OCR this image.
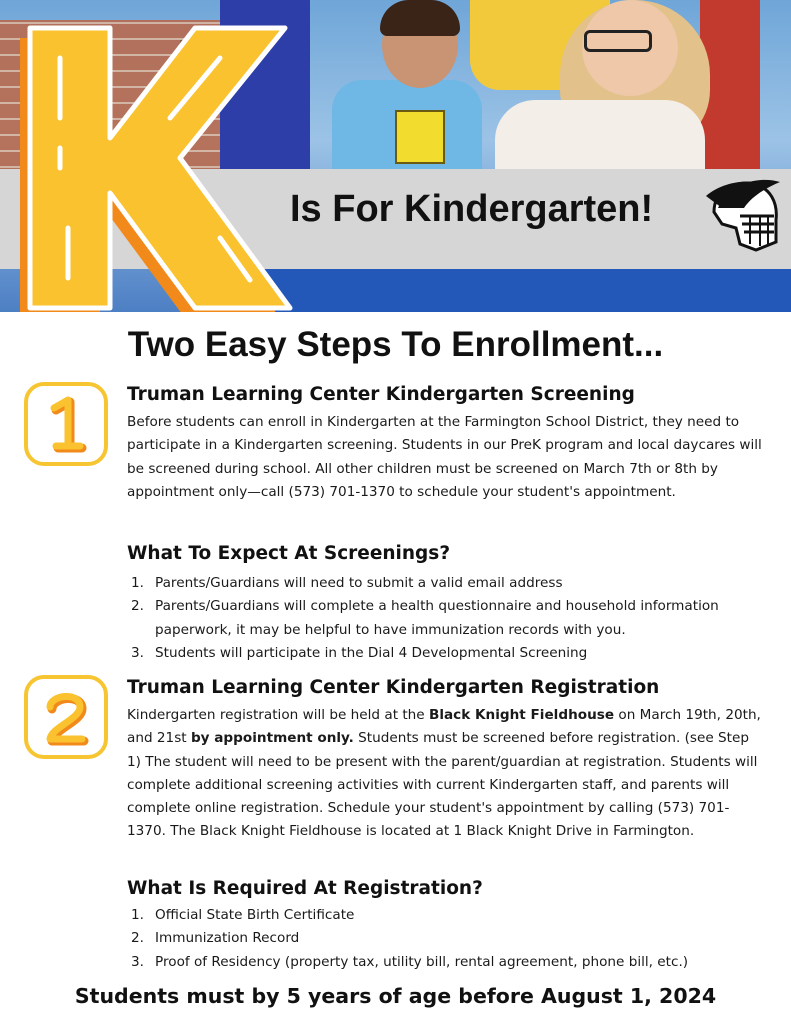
Is For Kindergarten!
Two Easy Steps To Enrollment...
Truman Learning Center Kindergarten Screening

Before students can enroll in Kindergarten at the Farmington School District, they need to participate in a Kindergarten screening. Students in our PreK program and local daycares will be screened during school. All other children must be screened on March 7th or 8th by appointment only—call (573) 701-1370 to schedule your student's appointment.

What To Expect At Screenings?
1. Parents/Guardians will need to submit a valid email address
2. Parents/Guardians will complete a health questionnaire and household information paperwork, it may be helpful to have immunization records with you.
3. Students will participate in the Dial 4 Developmental Screening
Truman Learning Center Kindergarten Registration

Kindergarten registration will be held at the Black Knight Fieldhouse on March 19th, 20th, and 21st by appointment only. Students must be screened before registration. (see Step 1) The student will need to be present with the parent/guardian at registration. Students will complete additional screening activities with current Kindergarten staff, and parents will complete online registration. Schedule your student's appointment by calling (573) 701-1370. The Black Knight Fieldhouse is located at 1 Black Knight Drive in Farmington.

What Is Required At Registration?
1. Official State Birth Certificate
2. Immunization Record
3. Proof of Residency (property tax, utility bill, rental agreement, phone bill, etc.)

Students must by 5 years of age before August 1, 2024
